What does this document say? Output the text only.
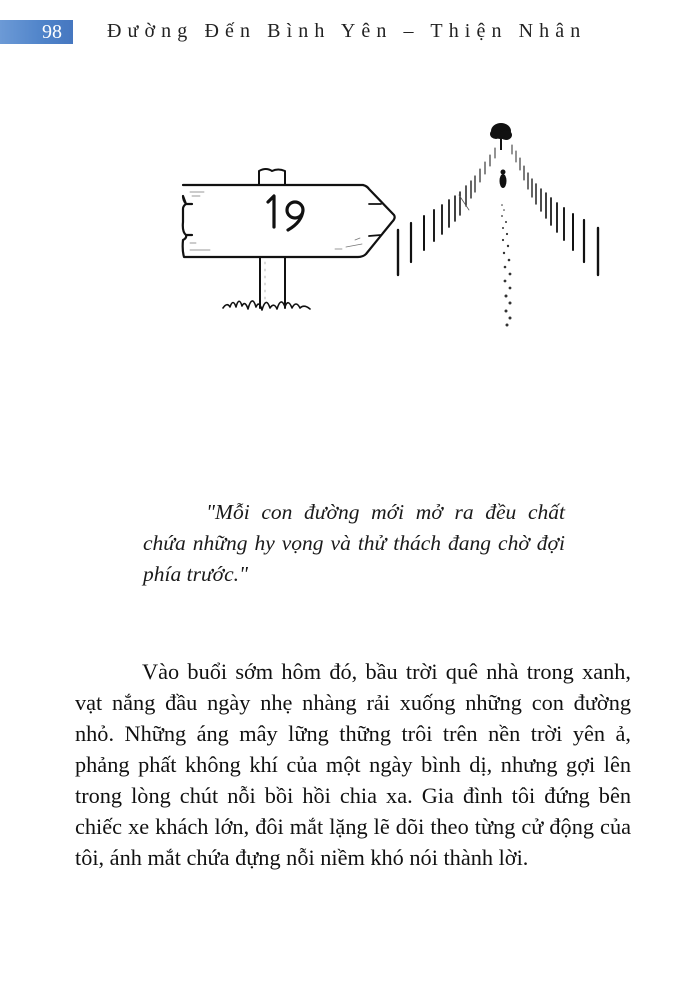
98 Đường Đến Bình Yên – Thiện Nhân
"Mỗi con đường mới mở ra đều chất chứa những hy vọng và thử thách đang chờ đợi phía trước."

Vào buổi sớm hôm đó, bầu trời quê nhà trong xanh, vạt nắng đầu ngày nhẹ nhàng rải xuống những con đường nhỏ. Những áng mây lững thững trôi trên nền trời yên ả, phảng phất không khí của một ngày bình dị, nhưng gợi lên trong lòng chút nỗi bồi hồi chia xa. Gia đình tôi đứng bên chiếc xe khách lớn, đôi mắt lặng lẽ dõi theo từng cử động của tôi, ánh mắt chứa đựng nỗi niềm khó nói thành lời.
